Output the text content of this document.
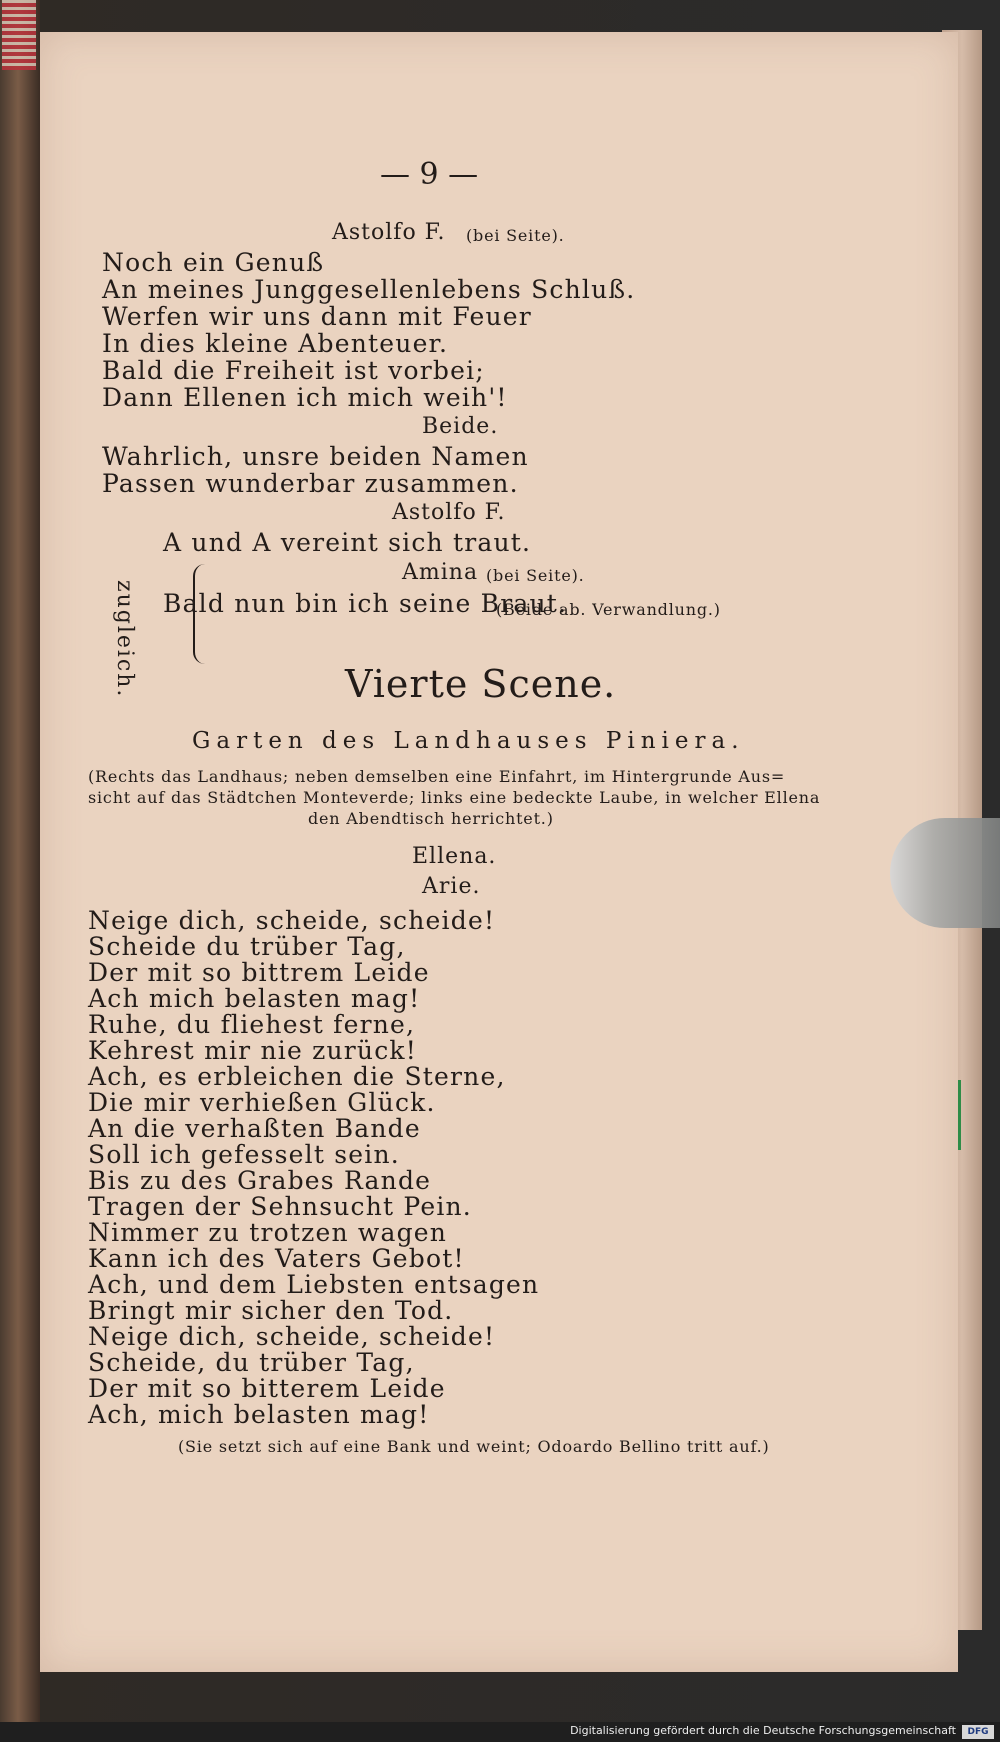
— 9 —
Astolfo F. (bei Seite).
Noch ein Genuß
An meines Junggesellenlebens Schluß.
Werfen wir uns dann mit Feuer
In dies kleine Abenteuer.
Bald die Freiheit ist vorbei;
Dann Ellenen ich mich weih'!
Beide.
Wahrlich, unsre beiden Namen
Passen wunderbar zusammen.
Astolfo F.
zugleich.
A und A vereint sich traut.
Amina (bei Seite).
Bald nun bin ich seine Braut.
(Beide ab. Verwandlung.)
Vierte Scene.
Garten des Landhauses Piniera.
(Rechts das Landhaus; neben demselben eine Einfahrt, im Hintergrunde Aus=
sicht auf das Städtchen Monteverde; links eine bedeckte Laube, in welcher Ellena
den Abendtisch herrichtet.)
Ellena.
Arie.
Neige dich, scheide, scheide!
Scheide du trüber Tag,
Der mit so bittrem Leide
Ach mich belasten mag!
Ruhe, du fliehest ferne,
Kehrest mir nie zurück!
Ach, es erbleichen die Sterne,
Die mir verhießen Glück.
An die verhaßten Bande
Soll ich gefesselt sein.
Bis zu des Grabes Rande
Tragen der Sehnsucht Pein.
Nimmer zu trotzen wagen
Kann ich des Vaters Gebot!
Ach, und dem Liebsten entsagen
Bringt mir sicher den Tod.
Neige dich, scheide, scheide!
Scheide, du trüber Tag,
Der mit so bitterem Leide
Ach, mich belasten mag!
(Sie setzt sich auf eine Bank und weint; Odoardo Bellino tritt auf.)
Digitalisierung gefördert durch die Deutsche Forschungsgemeinschaft	DFG
